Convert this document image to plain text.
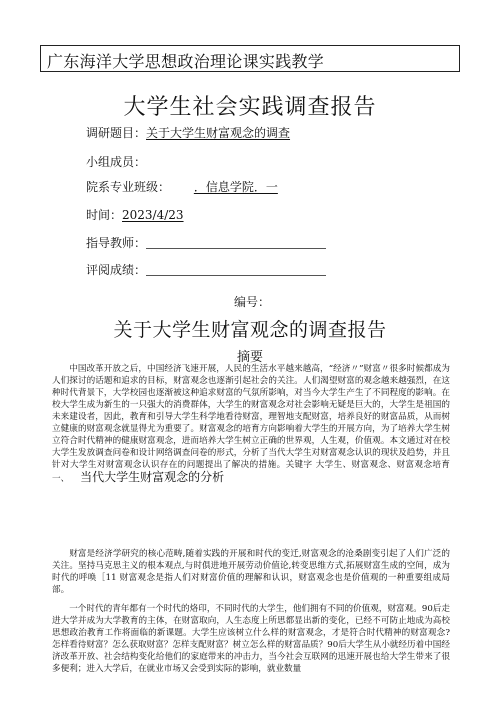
广东海洋大学思想政治理论课实践教学
大学生社会实践调查报告
调研题目：关于大学生财富观念的调查
小组成员：
院系专业班级： ．信息学院．一
时间：2023/4/23
指导教师：
评阅成绩：
编号：
关于大学生财富观念的调查报告
摘要

中国改革开放之后，中国经济飞速开展，人民的生活水平越来越高，“经济〃”财富〃很多时候都成为人们探讨的话题和追求的目标，财富观念也逐渐引起社会的关注。人们渴望财富的观念越来越强烈，在这种时代背景下，大学校园也逐渐被这种追求财富的气氛所影响，对当今大学生产生了不同程度的影响。在校大学生成为新生的一只强大的消费群体，大学生的财富观念对社会影响无疑是巨大的，大学生是祖国的未来建设者，因此，教育和引导大学生科学地看待财富，理智地支配财富，培养良好的财富品质，从而树立健康的财富观念就显得尤为重要了。财富观念的培育方向影响着大学生的开展方向，为了培养大学生树立符合时代精神的健康财富观念，进而培养大学生树立正确的世界观，人生观，价值观。本文通过对在校大学生发放调查问卷和设计网络调查问卷的形式，分析了当代大学生对财富观念认识的现状及趋势，并且针对大学生对财富观念认识存在的问题提出了解决的措施。关键字 大学生、财富观念、财富观念培育一、 当代大学生财富观念的分析

财富是经济学研究的核心范畴,随着实践的开展和时代的变迁,财富观念的沧桑剧变引起了人们广泛的关注。坚持马克思主义的根本观点,与时俱进地开展劳动价值论,转变思维方式,拓展财富生成的空间，成为时代的呼唤［11 财富观念是指人们对财富价值的理解和认识，财富观念也是价值观的一种重要组成局部。

一个时代的青年都有一个时代的烙印，不同时代的大学生，他们拥有不同的价值观，财富观。90后走进大学并成为大学教育的主体，在财富取向，人生态度上所思都显出新的变化，已经不可防止地成为高校思想政治教育工作将面临的新课题。大学生应该树立什么样的财富观念，才是符合时代精神的财富观念?怎样看待财富？怎么获取财富？怎样支配财富？树立怎么样的财富品质？90后大学生从小就经历着中国经济改革开放、社会结构变化给他们的家庭带来的冲击力，当今社会互联网的迅速开展也给大学生带来了很多便利；进入大学后，在就业市场又会受到实际的影响，就业数量
